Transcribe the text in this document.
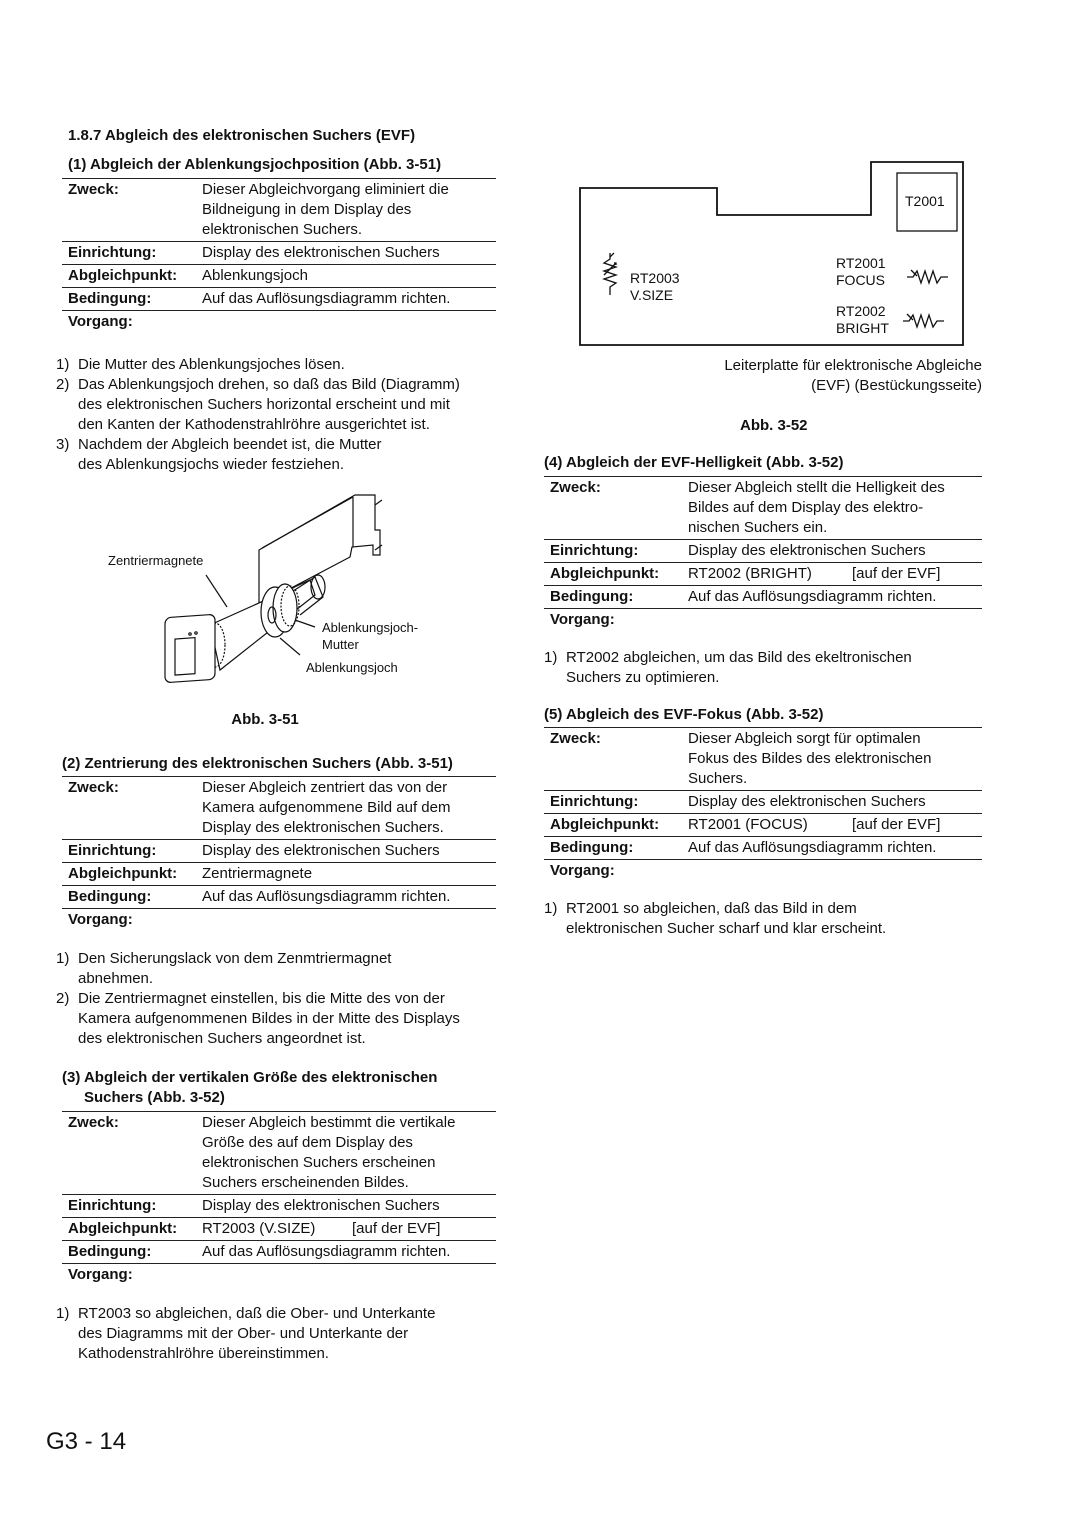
1.8.7 Abgleich des elektronischen Suchers (EVF)
(1) Abgleich der Ablenkungsjochposition (Abb. 3-51)
Zweck:	Dieser Abgleichvorgang eliminiert die
Bildneigung in dem Display des
elektronischen Suchers.

Einrichtung:	Display des elektronischen Suchers
Abgleichpunkt:	Ablenkungsjoch
Bedingung:	Auf das Auflösungsdiagramm richten.
Vorgang:	
1) Die Mutter des Ablenkungsjoches lösen.
2) Das Ablenkungsjoch drehen, so daß das Bild (Diagramm)
des elektronischen Suchers horizontal erscheint und mit
den Kanten der Kathodenstrahlröhre ausgerichtet ist.
3) Nachdem der Abgleich beendet ist, die Mutter
des Ablenkungsjochs wieder festziehen.
Zentriermagnete
Ablenkungsjoch-
Mutter
Ablenkungsjoch
Abb. 3-51
(2) Zentrierung des elektronischen Suchers (Abb. 3-51)
Zweck:	Dieser Abgleich zentriert das von der
Kamera aufgenommene Bild auf dem
Display des elektronischen Suchers.

Einrichtung:	Display des elektronischen Suchers
Abgleichpunkt:	Zentriermagnete
Bedingung:	Auf das Auflösungsdiagramm richten.
Vorgang:	
1) Den Sicherungslack von dem Zenmtriermagnet
abnehmen.
2) Die Zentriermagnet einstellen, bis die Mitte des von der
Kamera aufgenommenen Bildes in der Mitte des Displays
des elektronischen Suchers angeordnet ist.
(3) Abgleich der vertikalen Größe des elektronischen
Suchers (Abb. 3-52)
Zweck:	Dieser Abgleich bestimmt die vertikale
Größe des auf dem Display des
elektronischen Suchers erscheinen
Suchers erscheinenden Bildes.

Einrichtung:	Display des elektronischen Suchers
Abgleichpunkt:	RT2003 (V.SIZE) [auf der EVF]
Bedingung:	Auf das Auflösungsdiagramm richten.
Vorgang:	
1) RT2003 so abgleichen, daß die Ober- und Unterkante
des Diagramms mit der Ober- und Unterkante der
Kathodenstrahlröhre übereinstimmen.
T2001
RT2003
V.SIZE
RT2001
FOCUS
RT2002
BRIGHT
Leiterplatte für elektronische Abgleiche
(EVF) (Bestückungsseite)
Abb. 3-52
(4) Abgleich der EVF-Helligkeit (Abb. 3-52)
Zweck:	Dieser Abgleich stellt die Helligkeit des
Bildes auf dem Display des elektro-
nischen Suchers ein.

Einrichtung:	Display des elektronischen Suchers
Abgleichpunkt:	RT2002 (BRIGHT) [auf der EVF]
Bedingung:	Auf das Auflösungsdiagramm richten.
Vorgang:	
1) RT2002 abgleichen, um das Bild des ekeltronischen
Suchers zu optimieren.
(5) Abgleich des EVF-Fokus (Abb. 3-52)
Zweck:	Dieser Abgleich sorgt für optimalen
Fokus des Bildes des elektronischen
Suchers.

Einrichtung:	Display des elektronischen Suchers
Abgleichpunkt:	RT2001 (FOCUS) [auf der EVF]
Bedingung:	Auf das Auflösungsdiagramm richten.
Vorgang:	
1) RT2001 so abgleichen, daß das Bild in dem
elektronischen Sucher scharf und klar erscheint.
G3 - 14
